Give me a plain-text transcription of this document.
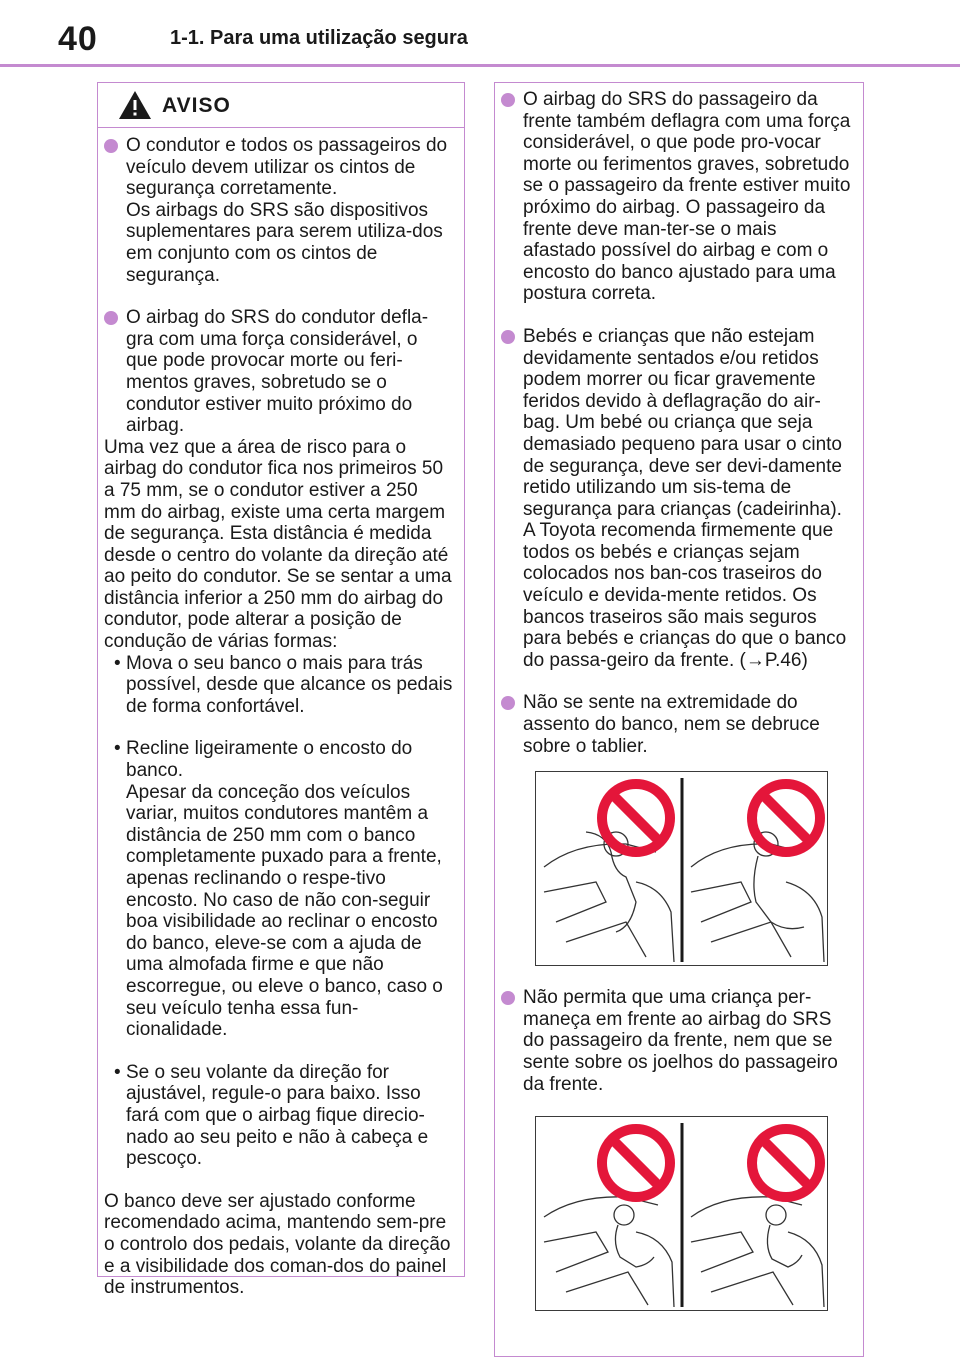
40	1-1. Para uma utilização segura
AVISO

O condutor e todos os passageiros do veículo devem utilizar os cintos de segurança corretamente.
Os airbags do SRS são dispositivos suplementares para serem utiliza-dos em conjunto com os cintos de segurança.

O airbag do SRS do condutor defla-gra com uma força considerável, o que pode provocar morte ou feri-mentos graves, sobretudo se o condutor estiver muito próximo do airbag.

Uma vez que a área de risco para o airbag do condutor fica nos primeiros 50 a 75 mm, se o condutor estiver a 250 mm do airbag, existe uma certa margem de segurança. Esta distância é medida desde o centro do volante da direção até ao peito do condutor. Se se sentar a uma distância inferior a 250 mm do airbag do condutor, pode alterar a posição de condução de várias formas:

• Mova o seu banco o mais para trás possível, desde que alcance os pedais de forma confortável.

• Recline ligeiramente o encosto do banco.
Apesar da conceção dos veículos variar, muitos condutores mantêm a distância de 250 mm com o banco completamente puxado para a frente, apenas reclinando o respe-tivo encosto. No caso de não con-seguir boa visibilidade ao reclinar o encosto do banco, eleve-se com a ajuda de uma almofada firme e que não escorregue, ou eleve o banco, caso o seu veículo tenha essa fun-cionalidade.

• Se o seu volante da direção for ajustável, regule-o para baixo. Isso fará com que o airbag fique direcio-nado ao seu peito e não à cabeça e pescoço.

O banco deve ser ajustado conforme recomendado acima, mantendo sem-pre o controlo dos pedais, volante da direção e a visibilidade dos coman-dos do painel de instrumentos.

O airbag do SRS do passageiro da frente também deflagra com uma força considerável, o que pode pro-vocar morte ou ferimentos graves, sobretudo se o passageiro da frente estiver muito próximo do airbag. O passageiro da frente deve man-ter-se o mais afastado possível do airbag e com o encosto do banco ajustado para uma postura correta.

Bebés e crianças que não estejam devidamente sentados e/ou retidos podem morrer ou ficar gravemente feridos devido à deflagração do air-bag. Um bebé ou criança que seja demasiado pequeno para usar o cinto de segurança, deve ser devi-damente retido utilizando um sis-tema de segurança para crianças (cadeirinha). A Toyota recomenda firmemente que todos os bebés e crianças sejam colocados nos ban-cos traseiros do veículo e devida-mente retidos. Os bancos traseiros são mais seguros para bebés e crianças do que o banco do passa-geiro da frente. (→P.46)

Não se sente na extremidade do assento do banco, nem se debruce sobre o tablier.

Não permita que uma criança per-maneça em frente ao airbag do SRS do passageiro da frente, nem que se sente sobre os joelhos do passageiro da frente.
